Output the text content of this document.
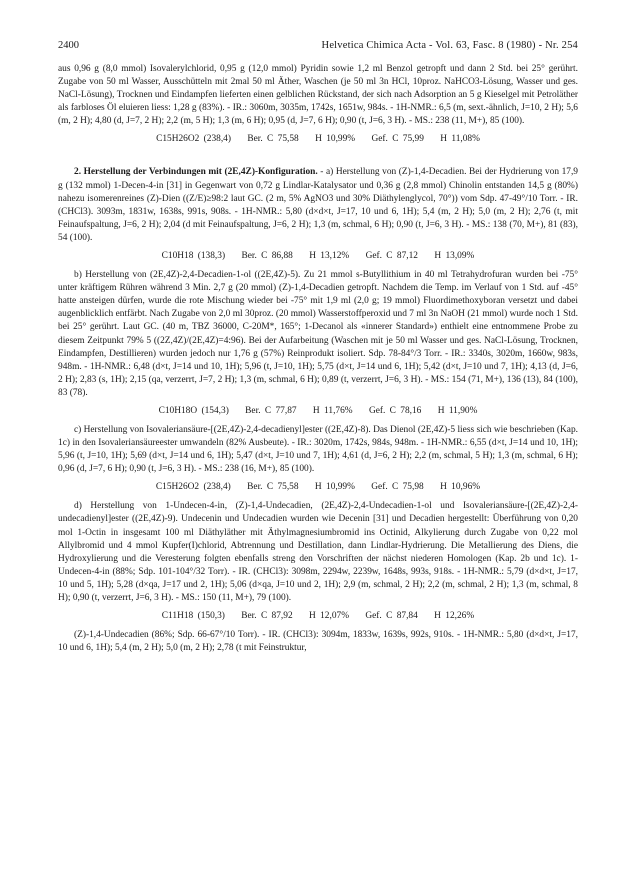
2400	Helvetica Chimica Acta - Vol. 63, Fasc. 8 (1980) - Nr. 254

aus 0,96 g (8,0 mmol) Isovalerylchlorid, 0,95 g (12,0 mmol) Pyridin sowie 1,2 ml Benzol getropft und dann 2 Std. bei 25° gerührt. Zugabe von 50 ml Wasser, Ausschütteln mit 2mal 50 ml Äther, Waschen (je 50 ml 3n HCl, 10proz. NaHCO3-Lösung, Wasser und ges. NaCl-Lösung), Trocknen und Eindampfen lieferten einen gelblichen Rückstand, der sich nach Adsorption an 5 g Kieselgel mit Petroläther als farbloses Öl eluieren liess: 1,28 g (83%). - IR.: 3060m, 3035m, 1742s, 1651w, 984s. - 1H-NMR.: 6,5 (m, sext.-ähnlich, J=10, 2 H); 5,6 (m, 2 H); 4,80 (d, J=7, 2 H); 2,2 (m, 5 H); 1,3 (m, 6 H); 0,95 (d, J=7, 6 H); 0,90 (t, J=6, 3 H). - MS.: 238 (11, M+), 85 (100).

C15H26O2 (238,4) Ber. C 75,58 H 10,99% Gef. C 75,99 H 11,08%

2. Herstellung der Verbindungen mit (2E,4Z)-Konfiguration. - a) Herstellung von (Z)-1,4-Decadien. Bei der Hydrierung von 17,9 g (132 mmol) 1-Decen-4-in [31] in Gegenwart von 0,72 g Lindlar-Katalysator und 0,36 g (2,8 mmol) Chinolin entstanden 14,5 g (80%) nahezu isomerenreines (Z)-Dien ((Z/E)≥98:2 laut GC. (2 m, 5% AgNO3 und 30% Diäthylenglycol, 70°)) vom Sdp. 47-49°/10 Torr. - IR. (CHCl3). 3093m, 1831w, 1638s, 991s, 908s. - 1H-NMR.: 5,80 (d×d×t, J=17, 10 und 6, 1H); 5,4 (m, 2 H); 5,0 (m, 2 H); 2,76 (t, mit Feinaufspaltung, J=6, 2 H); 2,04 (d mit Feinaufspaltung, J=6, 2 H); 1,3 (m, schmal, 6 H); 0,90 (t, J=6, 3 H). - MS.: 138 (70, M+), 81 (83), 54 (100).

C10H18 (138,3) Ber. C 86,88 H 13,12% Gef. C 87,12 H 13,09%

b) Herstellung von (2E,4Z)-2,4-Decadien-1-ol ((2E,4Z)-5). Zu 21 mmol s-Butyllithium in 40 ml Tetrahydrofuran wurden bei -75° unter kräftigem Rühren während 3 Min. 2,7 g (20 mmol) (Z)-1,4-Decadien getropft. Nachdem die Temp. im Verlauf von 1 Std. auf -45° hatte ansteigen dürfen, wurde die rote Mischung wieder bei -75° mit 1,9 ml (2,0 g; 19 mmol) Fluordimethoxyboran versetzt und dabei augenblicklich entfärbt. Nach Zugabe von 2,0 ml 30proz. (20 mmol) Wasserstoffperoxid und 7 ml 3n NaOH (21 mmol) wurde noch 1 Std. bei 25° gerührt. Laut GC. (40 m, TBZ 36000, C-20M*, 165°; 1-Decanol als «innerer Standard») enthielt eine entnommene Probe zu diesem Zeitpunkt 79% 5 ((2Z,4Z)/(2E,4Z)=4:96). Bei der Aufarbeitung (Waschen mit je 50 ml Wasser und ges. NaCl-Lösung, Trocknen, Eindampfen, Destillieren) wurden jedoch nur 1,76 g (57%) Reinprodukt isoliert. Sdp. 78-84°/3 Torr. - IR.: 3340s, 3020m, 1660w, 983s, 948m. - 1H-NMR.: 6,48 (d×t, J=14 und 10, 1H); 5,96 (t, J=10, 1H); 5,75 (d×t, J=14 und 6, 1H); 5,42 (d×t, J=10 und 7, 1H); 4,13 (d, J=6, 2 H); 2,83 (s, 1H); 2,15 (qa, verzerrt, J=7, 2 H); 1,3 (m, schmal, 6 H); 0,89 (t, verzerrt, J=6, 3 H). - MS.: 154 (71, M+), 136 (13), 84 (100), 83 (78).

C10H18O (154,3) Ber. C 77,87 H 11,76% Gef. C 78,16 H 11,90%

c) Herstellung von Isovaleriansäure-[(2E,4Z)-2,4-decadienyl]ester ((2E,4Z)-8). Das Dienol (2E,4Z)-5 liess sich wie beschrieben (Kap. 1c) in den Isovaleriansäureester umwandeln (82% Ausbeute). - IR.: 3020m, 1742s, 984s, 948m. - 1H-NMR.: 6,55 (d×t, J=14 und 10, 1H); 5,96 (t, J=10, 1H); 5,69 (d×t, J=14 und 6, 1H); 5,47 (d×t, J=10 und 7, 1H); 4,61 (d, J=6, 2 H); 2,2 (m, schmal, 5 H); 1,3 (m, schmal, 6 H); 0,96 (d, J=7, 6 H); 0,90 (t, J=6, 3 H). - MS.: 238 (16, M+), 85 (100).

C15H26O2 (238,4) Ber. C 75,58 H 10,99% Gef. C 75,98 H 10,96%

d) Herstellung von 1-Undecen-4-in, (Z)-1,4-Undecadien, (2E,4Z)-2,4-Undecadien-1-ol und Isovaleriansäure-[(2E,4Z)-2,4-undecadienyl]ester ((2E,4Z)-9). Undecenin und Undecadien wurden wie Decenin [31] und Decadien hergestellt: Überführung von 0,20 mol 1-Octin in insgesamt 100 ml Diäthyläther mit Äthylmagnesiumbromid ins Octinid, Alkylierung durch Zugabe von 0,22 mol Allylbromid und 4 mmol Kupfer(I)chlorid, Abtrennung und Destillation, dann Lindlar-Hydrierung. Die Metallierung des Diens, die Hydroxylierung und die Veresterung folgten ebenfalls streng den Vorschriften der nächst niederen Homologen (Kap. 2b und 1c). 1-Undecen-4-in (88%; Sdp. 101-104°/32 Torr). - IR. (CHCl3): 3098m, 2294w, 2239w, 1648s, 993s, 918s. - 1H-NMR.: 5,79 (d×d×t, J=17, 10 und 5, 1H); 5,28 (d×qa, J=17 und 2, 1H); 5,06 (d×qa, J=10 und 2, 1H); 2,9 (m, schmal, 2 H); 2,2 (m, schmal, 2 H); 1,3 (m, schmal, 8 H); 0,90 (t, verzerrt, J=6, 3 H). - MS.: 150 (11, M+), 79 (100).

C11H18 (150,3) Ber. C 87,92 H 12,07% Gef. C 87,84 H 12,26%

(Z)-1,4-Undecadien (86%; Sdp. 66-67°/10 Torr). - IR. (CHCl3): 3094m, 1833w, 1639s, 992s, 910s. - 1H-NMR.: 5,80 (d×d×t, J=17, 10 und 6, 1H); 5,4 (m, 2 H); 5,0 (m, 2 H); 2,78 (t mit Feinstruktur,
